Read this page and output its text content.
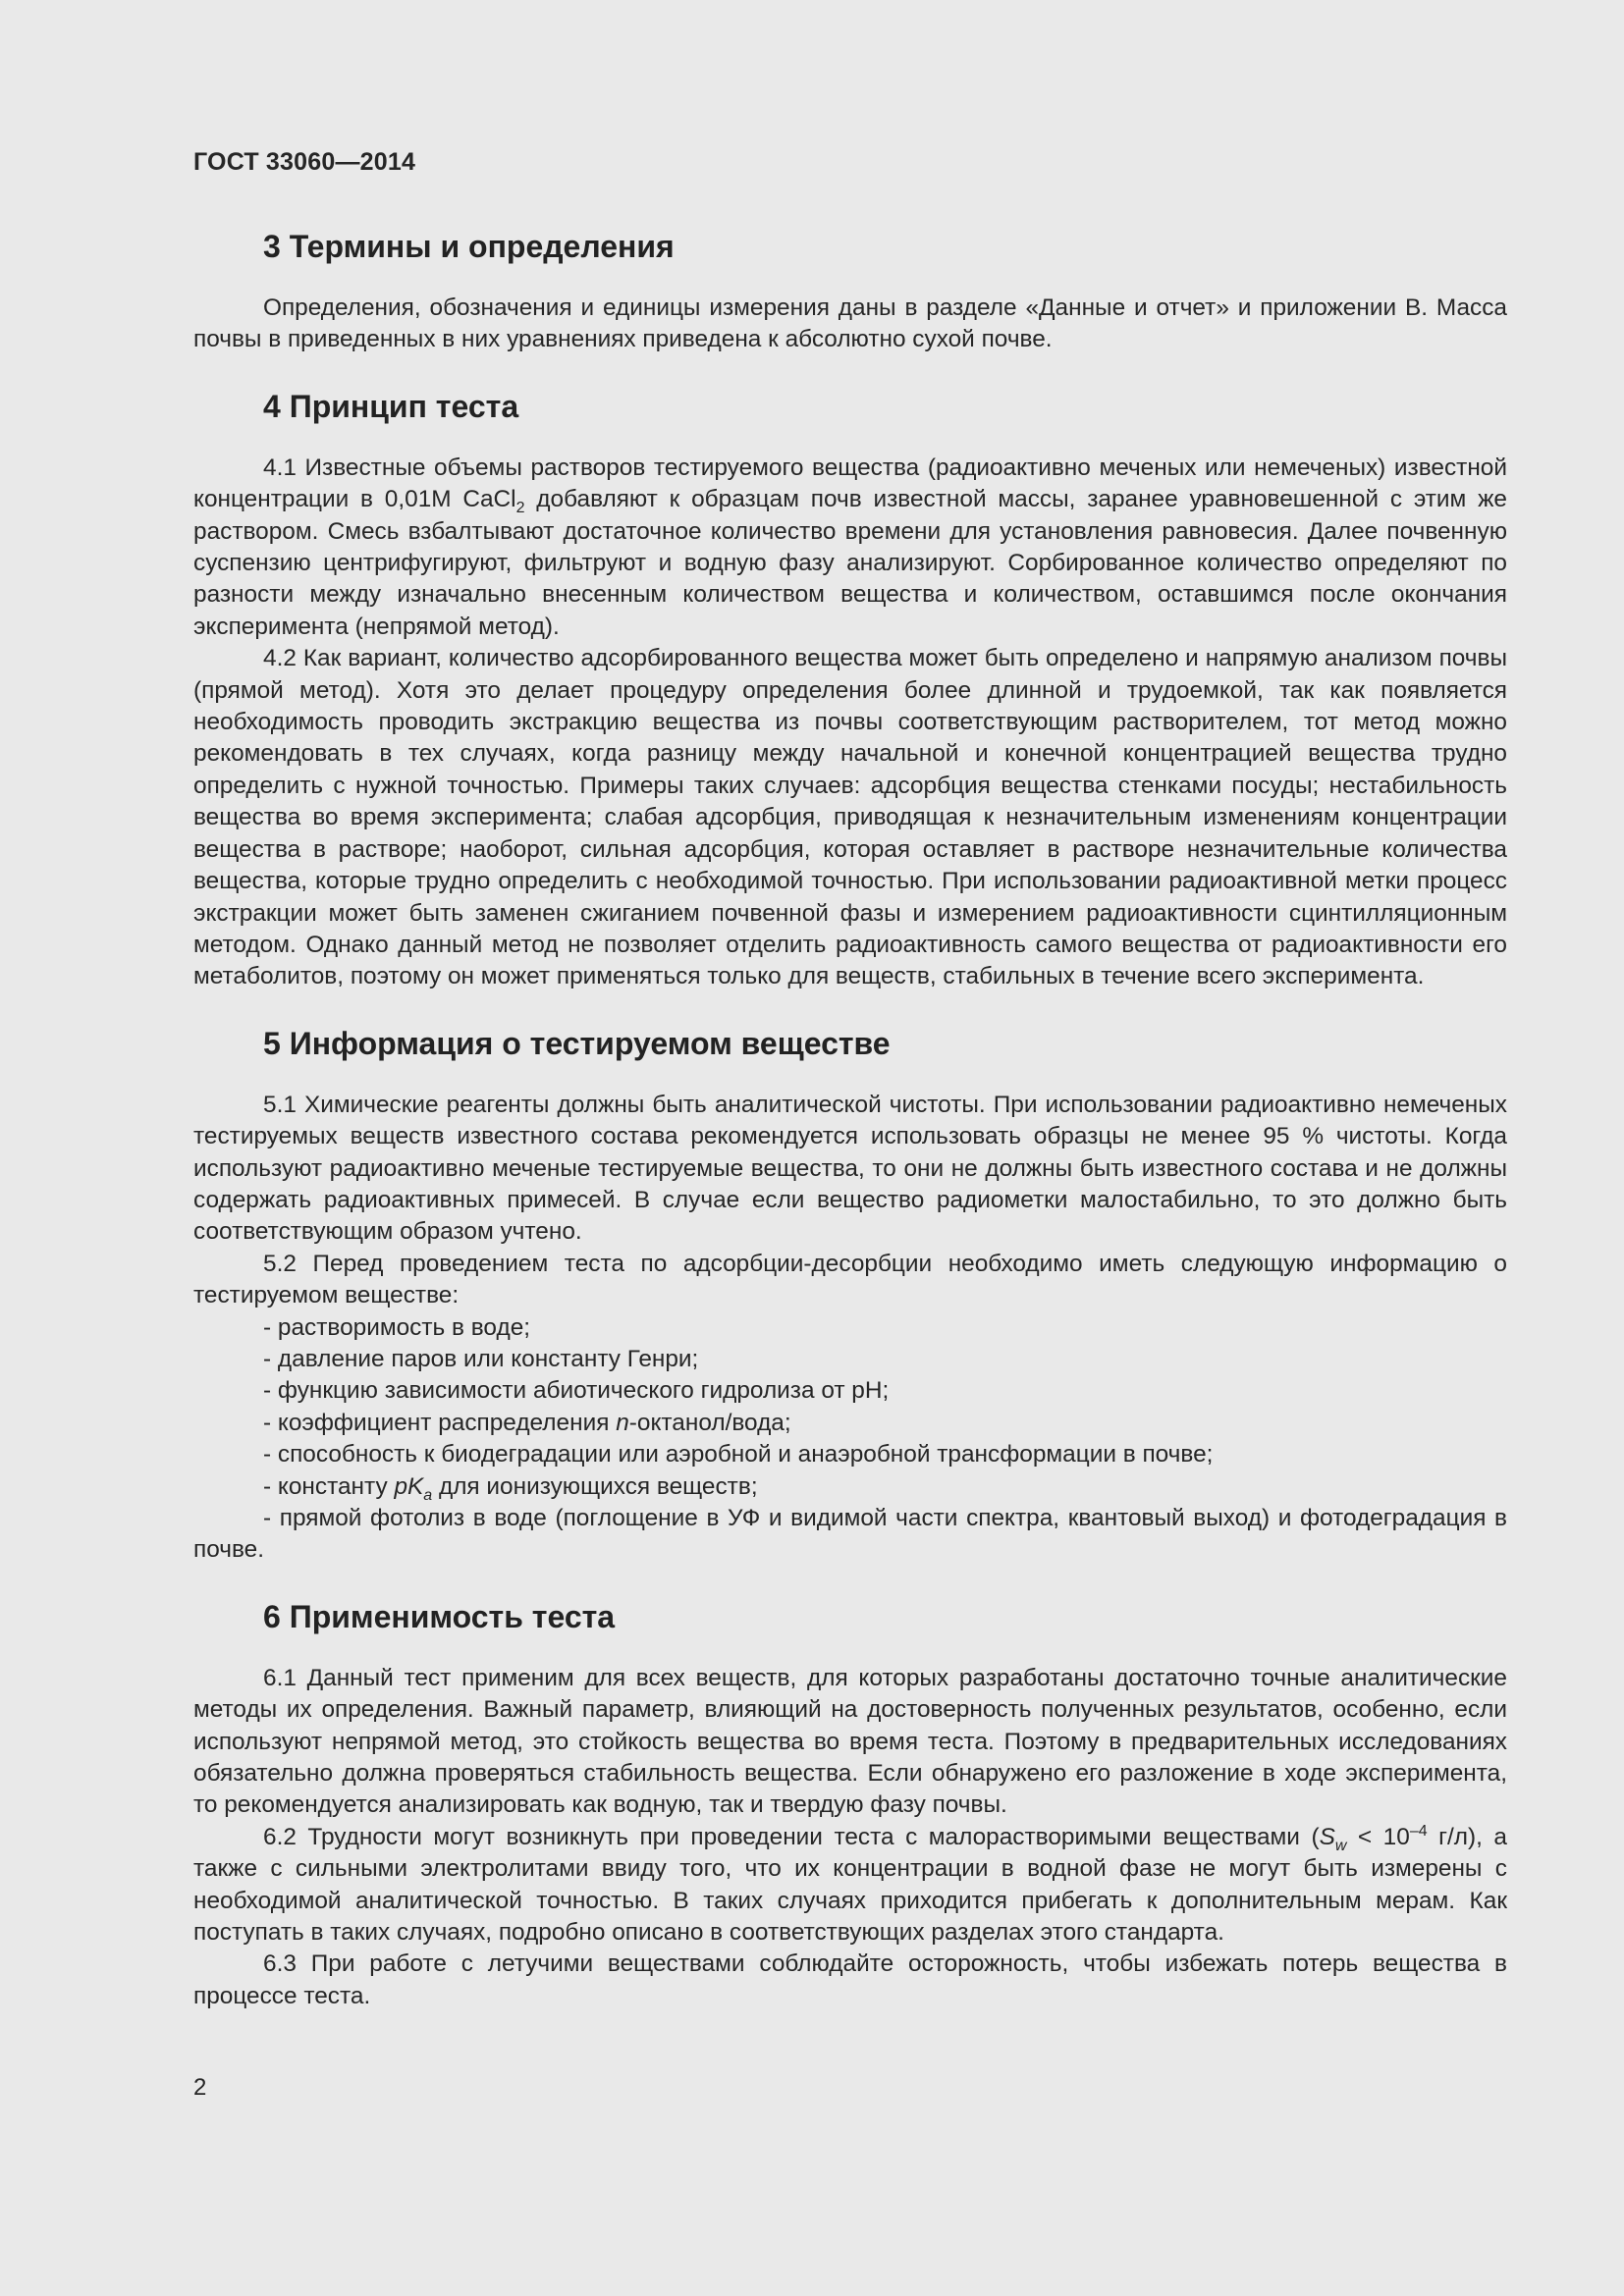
ГОСТ 33060—2014
3 Термины и определения

Определения, обозначения и единицы измерения даны в разделе «Данные и отчет» и приложении В. Масса почвы в приведенных в них уравнениях приведена к абсолютно сухой почве.

4 Принцип теста

4.1 Известные объемы растворов тестируемого вещества (радиоактивно меченых или немеченых) известной концентрации в 0,01М CaCl$_2$ добавляют к образцам почв известной массы, заранее уравновешенной с этим же раствором. Смесь взбалтывают достаточное количество времени для установления равновесия. Далее почвенную суспензию центрифугируют, фильтруют и водную фазу анализируют. Сорбированное количество определяют по разности между изначально внесенным количеством вещества и количеством, оставшимся после окончания эксперимента (непрямой метод).

4.2 Как вариант, количество адсорбированного вещества может быть определено и напрямую анализом почвы (прямой метод). Хотя это делает процедуру определения более длинной и трудоемкой, так как появляется необходимость проводить экстракцию вещества из почвы соответствующим растворителем, тот метод можно рекомендовать в тех случаях, когда разницу между начальной и конечной концентрацией вещества трудно определить с нужной точностью. Примеры таких случаев: адсорбция вещества стенками посуды; нестабильность вещества во время эксперимента; слабая адсорбция, приводящая к незначительным изменениям концентрации вещества в растворе; наоборот, сильная адсорбция, которая оставляет в растворе незначительные количества вещества, которые трудно определить с необходимой точностью. При использовании радиоактивной метки процесс экстракции может быть заменен сжиганием почвенной фазы и измерением радиоактивности сцинтилляционным методом. Однако данный метод не позволяет отделить радиоактивность самого вещества от радиоактивности его метаболитов, поэтому он может применяться только для веществ, стабильных в течение всего эксперимента.

5 Информация о тестируемом веществе

5.1 Химические реагенты должны быть аналитической чистоты. При использовании радиоактивно немеченых тестируемых веществ известного состава рекомендуется использовать образцы не менее 95 % чистоты. Когда используют радиоактивно меченые тестируемые вещества, то они не должны быть известного состава и не должны содержать радиоактивных примесей. В случае если вещество радиометки малостабильно, то это должно быть соответствующим образом учтено.

5.2 Перед проведением теста по адсорбции-десорбции необходимо иметь следующую информацию о тестируемом веществе:

- растворимость в воде;
- давление паров или константу Генри;
- функцию зависимости абиотического гидролиза от pH;
- коэффициент распределения n-октанол/вода;
- способность к биодеградации или аэробной и анаэробной трансформации в почве;
- константу $pK_a$ для ионизующихся веществ;
- прямой фотолиз в воде (поглощение в УФ и видимой части спектра, квантовый выход) и фотодеградация в почве.
6 Применимость теста

6.1 Данный тест применим для всех веществ, для которых разработаны достаточно точные аналитические методы их определения. Важный параметр, влияющий на достоверность полученных результатов, особенно, если используют непрямой метод, это стойкость вещества во время теста. Поэтому в предварительных исследованиях обязательно должна проверяться стабильность вещества. Если обнаружено его разложение в ходе эксперимента, то рекомендуется анализировать как водную, так и твердую фазу почвы.

6.2 Трудности могут возникнуть при проведении теста с малорастворимыми веществами ($S_w < 10^{-4}$ г/л), а также с сильными электролитами ввиду того, что их концентрации в водной фазе не могут быть измерены с необходимой аналитической точностью. В таких случаях приходится прибегать к дополнительным мерам. Как поступать в таких случаях, подробно описано в соответствующих разделах этого стандарта.

6.3 При работе с летучими веществами соблюдайте осторожность, чтобы избежать потерь вещества в процессе теста.

2
